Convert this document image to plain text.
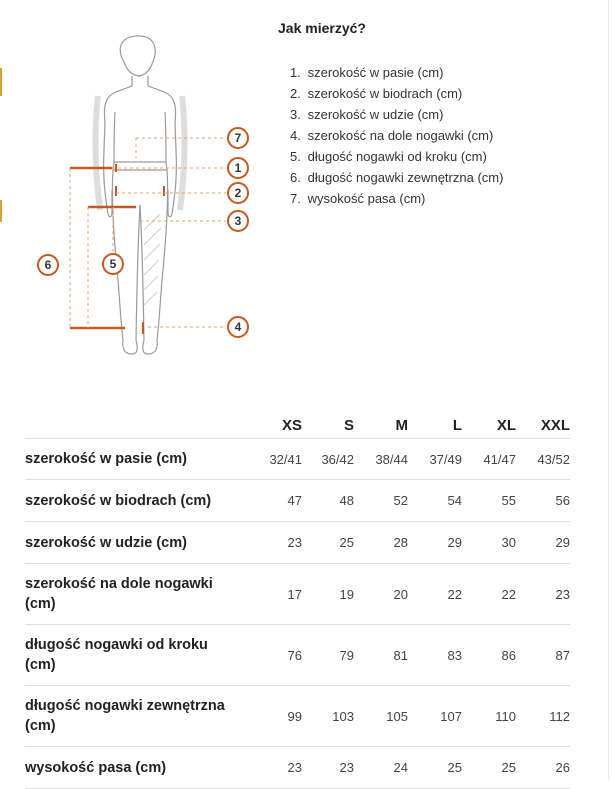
7
1
2
3
4
5
6
Jak mierzyć?
1. szerokość w pasie (cm)
2. szerokość w biodrach (cm)
3. szerokość w udzie (cm)
4. szerokość na dole nogawki (cm)
5. długość nogawki od kroku (cm)
6. długość nogawki zewnętrzna (cm)
7. wysokość pasa (cm)
	XS	S	M	L	XL	XXL
szerokość w pasie (cm)	32/41	36/42	38/44	37/49	41/47	43/52
szerokość w biodrach (cm)	47	48	52	54	55	56
szerokość w udzie (cm)	23	25	28	29	30	29
szerokość na dole nogawki (cm)	17	19	20	22	22	23
długość nogawki od kroku (cm)	76	79	81	83	86	87
długość nogawki zewnętrzna (cm)	99	103	105	107	110	112
wysokość pasa (cm)	23	23	24	25	25	26
